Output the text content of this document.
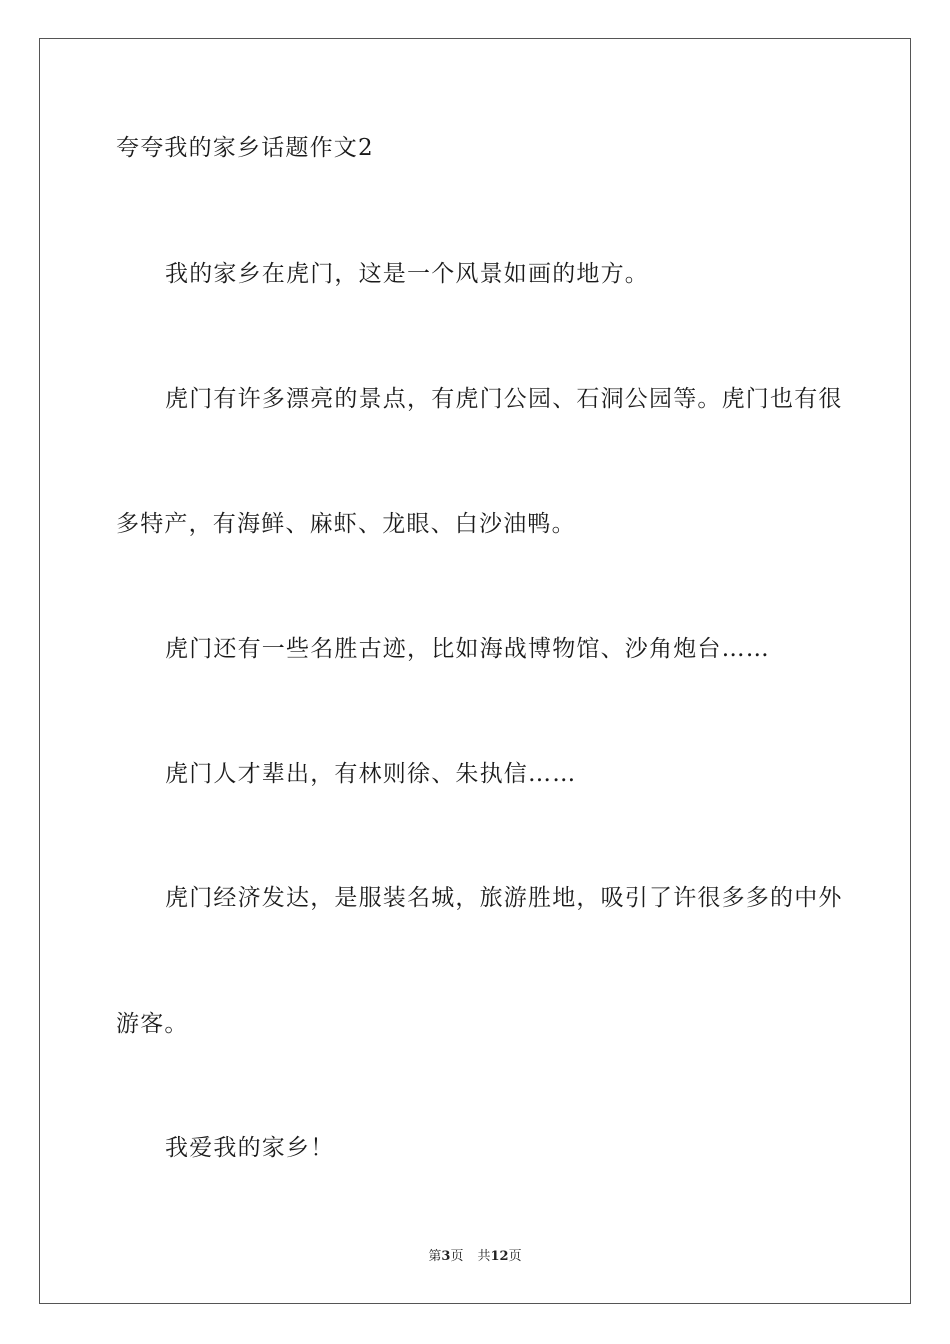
夸夸我的家乡话题作文2
我的家乡在虎门，这是一个风景如画的地方。
虎门有许多漂亮的景点，有虎门公园、石洞公园等。虎门也有很
多特产，有海鲜、麻虾、龙眼、白沙油鸭。
虎门还有一些名胜古迹，比如海战博物馆、沙角炮台……
虎门人才辈出，有林则徐、朱执信……
虎门经济发达，是服装名城，旅游胜地，吸引了许很多多的中外
游客。
我爱我的家乡！
第3页 共12页
